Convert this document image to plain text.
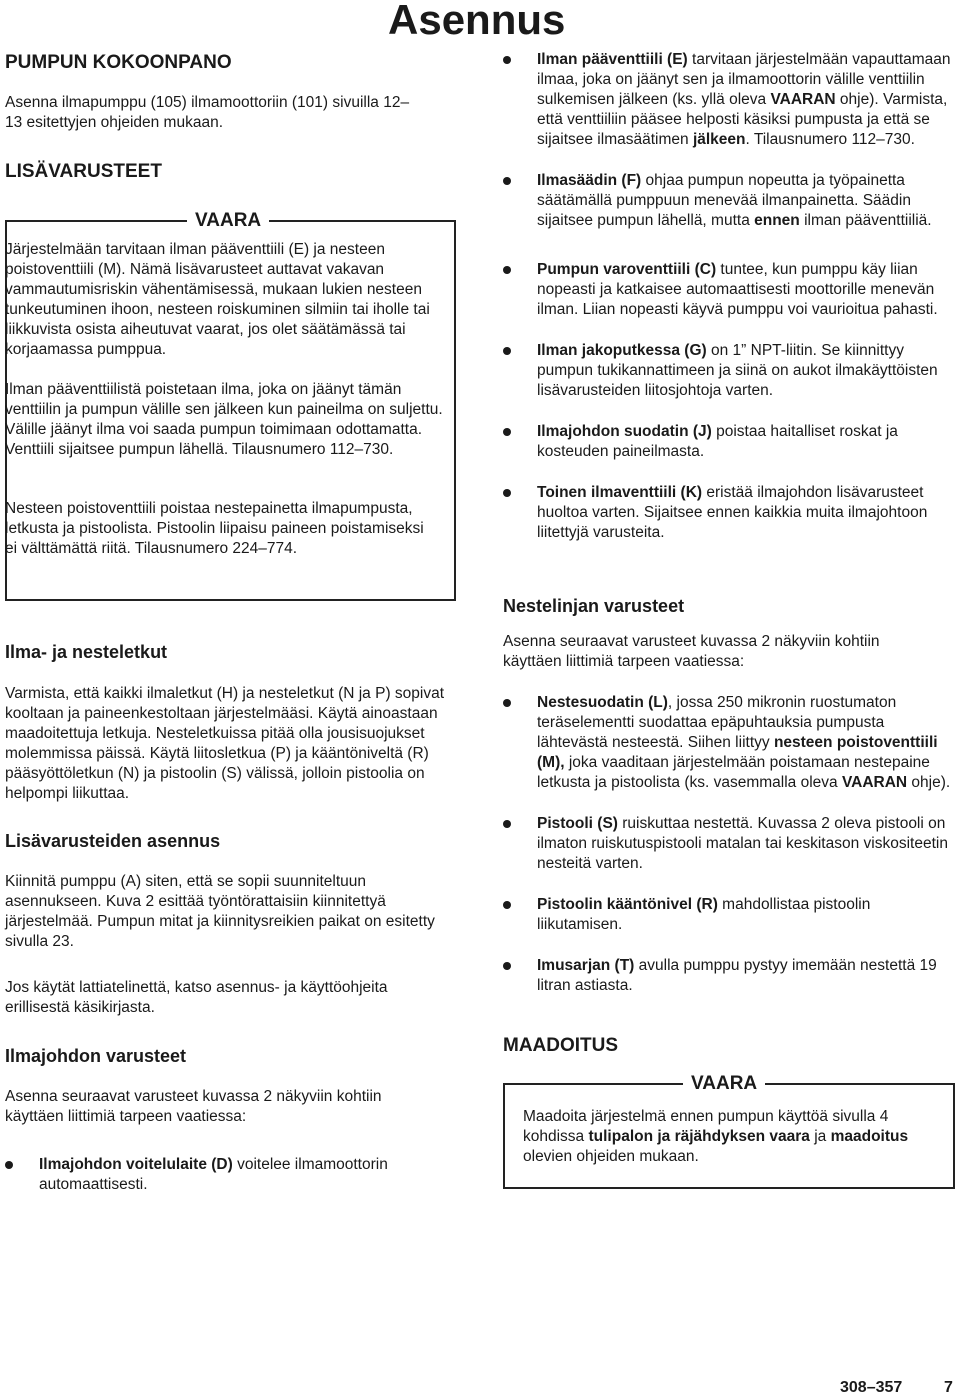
Asennus
PUMPUN KOKOONPANO

Asenna ilmapumppu (105) ilmamoottoriin (101) sivuilla 12–13 esitettyjen ohjeiden mukaan.

LISÄVARUSTEET
VAARA

Järjestelmään tarvitaan ilman pääventtiili (E) ja nesteen poistoventtiili (M). Nämä lisävarusteet auttavat vakavan vammautumisriskin vähentämisessä, mukaan lukien nesteen tunkeutuminen ihoon, nesteen roiskuminen silmiin tai iholle tai liikkuvista osista aiheutuvat vaarat, jos olet säätämässä tai korjaamassa pumppua.

Ilman pääventtiilistä poistetaan ilma, joka on jäänyt tämän venttiilin ja pumpun välille sen jälkeen kun paineilma on suljettu. Välille jäänyt ilma voi saada pumpun toimimaan odottamatta. Venttiili sijaitsee pumpun lähellä. Tilausnumero 112–730.

Nesteen poistoventtiili poistaa nestepainetta ilmapumpusta, letkusta ja pistoolista. Pistoolin liipaisu paineen poistamiseksi ei välttämättä riitä. Tilausnumero 224–774.

Ilma- ja nesteletkut

Varmista, että kaikki ilmaletkut (H) ja nesteletkut (N ja P) sopivat kooltaan ja paineenkestoltaan järjestelmääsi. Käytä ainoastaan maadoitettuja letkuja. Nesteletkuissa pitää olla jousisuojukset molemmissa päissä. Käytä liitosletkua (P) ja kääntöniveltä (R) pääsyöttöletkun (N) ja pistoolin (S) välissä, jolloin pistoolia on helpompi liikuttaa.

Lisävarusteiden asennus

Kiinnitä pumppu (A) siten, että se sopii suunniteltuun asennukseen. Kuva 2 esittää työntörattaisiin kiinnitettyä järjestelmää. Pumpun mitat ja kiinnitysreikien paikat on esitetty sivulla 23.

Jos käytät lattiatelinettä, katso asennus- ja käyttöohjeita erillisestä käsikirjasta.

Ilmajohdon varusteet

Asenna seuraavat varusteet kuvassa 2 näkyviin kohtiin käyttäen liittimiä tarpeen vaatiessa:

Ilmajohdon voitelulaite (D) voitelee ilmamoottorin automaattisesti.
Ilman pääventtiili (E) tarvitaan järjestelmään vapauttamaan ilmaa, joka on jäänyt sen ja ilmamoottorin välille venttiilin sulkemisen jälkeen (ks. yllä oleva VAARAN ohje). Varmista, että venttiiliin pääsee helposti käsiksi pumpusta ja että se sijaitsee ilmasäätimen jälkeen. Tilausnumero 112–730.
Ilmasäädin (F) ohjaa pumpun nopeutta ja työpainetta säätämällä pumppuun menevää ilmanpainetta. Säädin sijaitsee pumpun lähellä, mutta ennen ilman pääventtiiliä.
Pumpun varoventtiili (C) tuntee, kun pumppu käy liian nopeasti ja katkaisee automaattisesti moottorille menevän ilman. Liian nopeasti käyvä pumppu voi vaurioitua pahasti.
Ilman jakoputkessa (G) on 1” NPT-liitin. Se kiinnittyy pumpun tukikannattimeen ja siinä on aukot ilmakäyttöisten lisävarusteiden liitosjohtoja varten.
Ilmajohdon suodatin (J) poistaa haitalliset roskat ja kosteuden paineilmasta.
Toinen ilmaventtiili (K) eristää ilmajohdon lisävarusteet huoltoa varten. Sijaitsee ennen kaikkia muita ilmajohtoon liitettyjä varusteita.
Nestelinjan varusteet

Asenna seuraavat varusteet kuvassa 2 näkyviin kohtiin käyttäen liittimiä tarpeen vaatiessa:

Nestesuodatin (L), jossa 250 mikronin ruostumaton teräselementti suodattaa epäpuhtauksia pumpusta lähtevästä nesteestä. Siihen liittyy nesteen poistoventtiili (M), joka vaaditaan järjestelmään poistamaan nestepaine letkusta ja pistoolista (ks. vasemmalla oleva VAARAN ohje).
Pistooli (S) ruiskuttaa nestettä. Kuvassa 2 oleva pistooli on ilmaton ruiskutuspistooli matalan tai keskitason viskositeetin nesteitä varten.
Pistoolin kääntönivel (R) mahdollistaa pistoolin liikutamisen.
Imusarjan (T) avulla pumppu pystyy imemään nestettä 19 litran astiasta.
MAADOITUS
VAARA

Maadoita järjestelmä ennen pumpun käyttöä sivulla 4 kohdissa tulipalon ja räjähdyksen vaara ja maadoitus olevien ohjeiden mukaan.

308–357	7
